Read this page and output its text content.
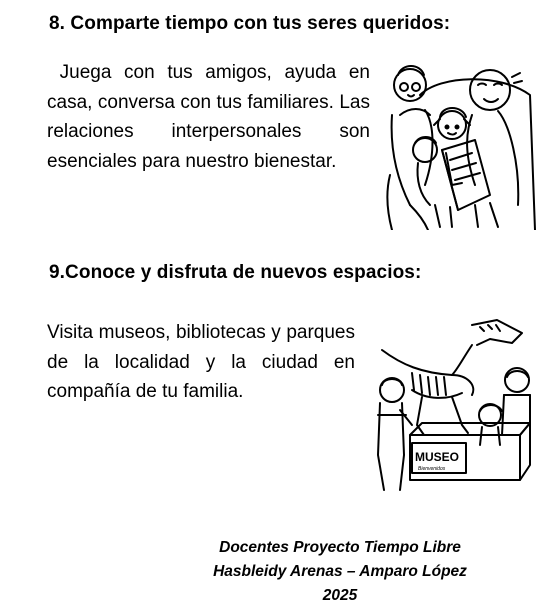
8. Comparte tiempo con tus seres queridos:
Juega con tus amigos, ayuda en casa, conversa con tus familiares. Las relaciones interpersonales son esenciales para nuestro bienestar.
9.Conoce y disfruta de nuevos espacios:
Visita museos, bibliotecas y parques de la localidad y la ciudad en compañía de tu familia.
MUSEO
Bienvenidos
Docentes Proyecto Tiempo Libre
Hasbleidy Arenas – Amparo López
2025
